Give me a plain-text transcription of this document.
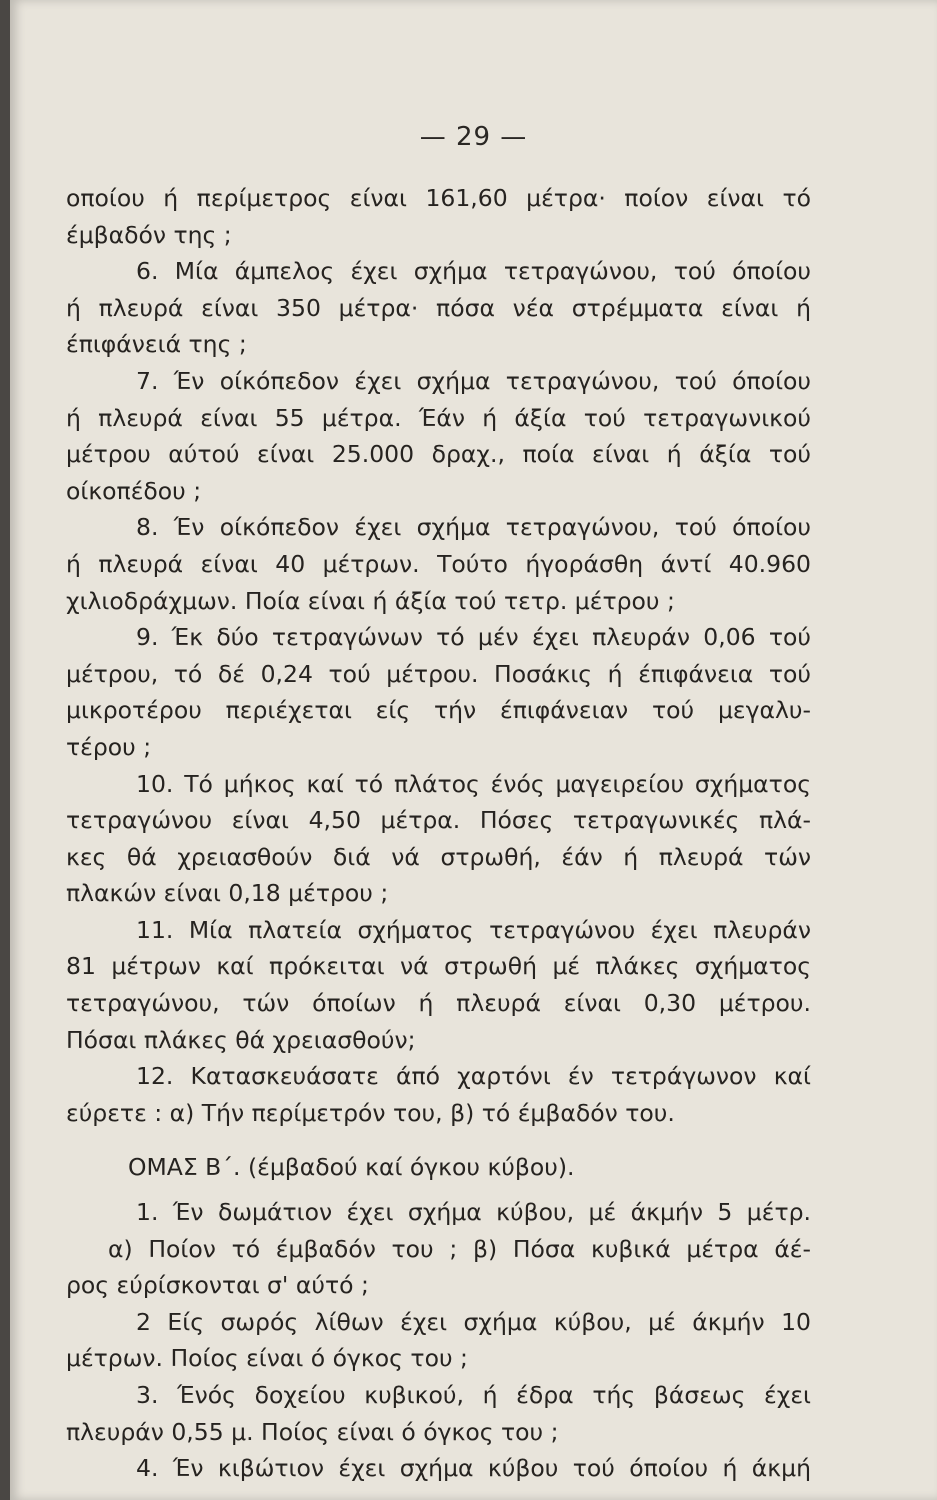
— 29 —
οποίου ή περίμετρος είναι 161,60 μέτρα· ποίον είναι τό
έμβαδόν της ;
6. Μία άμπελος έχει σχήμα τετραγώνου, τού όποίου
ή πλευρά είναι 350 μέτρα· πόσα νέα στρέμματα είναι ή
έπιφάνειά της ;
7. Έν οίκόπεδον έχει σχήμα τετραγώνου, τού όποίου
ή πλευρά είναι 55 μέτρα. Έάν ή άξία τού τετραγωνικού
μέτρου αύτού είναι 25.000 δραχ., ποία είναι ή άξία τού
οίκοπέδου ;
8. Έν οίκόπεδον έχει σχήμα τετραγώνου, τού όποίου
ή πλευρά είναι 40 μέτρων. Τούτο ήγοράσθη άντί 40.960
χιλιοδράχμων. Ποία είναι ή άξία τού τετρ. μέτρου ;
9. Έκ δύο τετραγώνων τό μέν έχει πλευράν 0,06 τού
μέτρου, τό δέ 0,24 τού μέτρου. Ποσάκις ή έπιφάνεια τού
μικροτέρου περιέχεται είς τήν έπιφάνειαν τού μεγαλυ-
τέρου ;
10. Τό μήκος καί τό πλάτος ένός μαγειρείου σχήματος
τετραγώνου είναι 4,50 μέτρα. Πόσες τετραγωνικές πλά-
κες θά χρειασθούν διά νά στρωθή, έάν ή πλευρά τών
πλακών είναι 0,18 μέτρου ;
11. Μία πλατεία σχήματος τετραγώνου έχει πλευράν
81 μέτρων καί πρόκειται νά στρωθή μέ πλάκες σχήματος
τετραγώνου, τών όποίων ή πλευρά είναι 0,30 μέτρου.
Πόσαι πλάκες θά χρειασθούν;
12. Κατασκευάσατε άπό χαρτόνι έν τετράγωνον καί
εύρετε : α) Τήν περίμετρόν του, β) τό έμβαδόν του.
ΟΜΑΣ Β΄. (έμβαδού καί όγκου κύβου).
1. Έν δωμάτιον έχει σχήμα κύβου, μέ άκμήν 5 μέτρ.
α) Ποίον τό έμβαδόν του ; β) Πόσα κυβικά μέτρα άέ-
ρος εύρίσκονται σ' αύτό ;
2 Είς σωρός λίθων έχει σχήμα κύβου, μέ άκμήν 10
μέτρων. Ποίος είναι ό όγκος του ;
3. Ένός δοχείου κυβικού, ή έδρα τής βάσεως έχει
πλευράν 0,55 μ. Ποίος είναι ό όγκος του ;
4. Έν κιβώτιον έχει σχήμα κύβου τού όποίου ή άκμή
